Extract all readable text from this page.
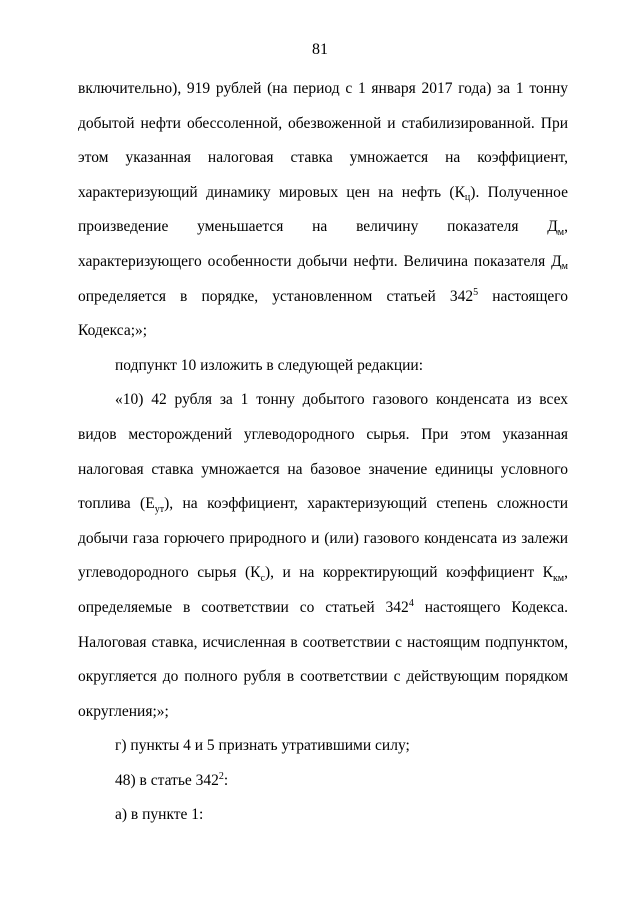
81

включительно), 919 рублей (на период с 1 января 2017 года) за 1 тонну добытой нефти обессоленной, обезвоженной и стабилизированной. При этом указанная налоговая ставка умножается на коэффициент, характеризующий динамику мировых цен на нефть $(К_ц)$. Полученное произведение уменьшается на величину показателя $Д_м$, характеризующего особенности добычи нефти. Величина показателя $Д_м$ определяется в порядке, установленном статьей $342^5$ настоящего Кодекса;»;

подпункт 10 изложить в следующей редакции:

«10) 42 рубля за 1 тонну добытого газового конденсата из всех видов месторождений углеводородного сырья. При этом указанная налоговая ставка умножается на базовое значение единицы условного топлива $(Е_{ут})$, на коэффициент, характеризующий степень сложности добычи газа горючего природного и (или) газового конденсата из залежи углеводородного сырья $(К_с)$, и на корректирующий коэффициент $К_{км}$, определяемые в соответствии со статьей $342^4$ настоящего Кодекса. Налоговая ставка, исчисленная в соответствии с настоящим подпунктом, округляется до полного рубля в соответствии с действующим порядком округления;»;

г) пункты 4 и 5 признать утратившими силу;

48) в статье $342^2$:

а) в пункте 1:
